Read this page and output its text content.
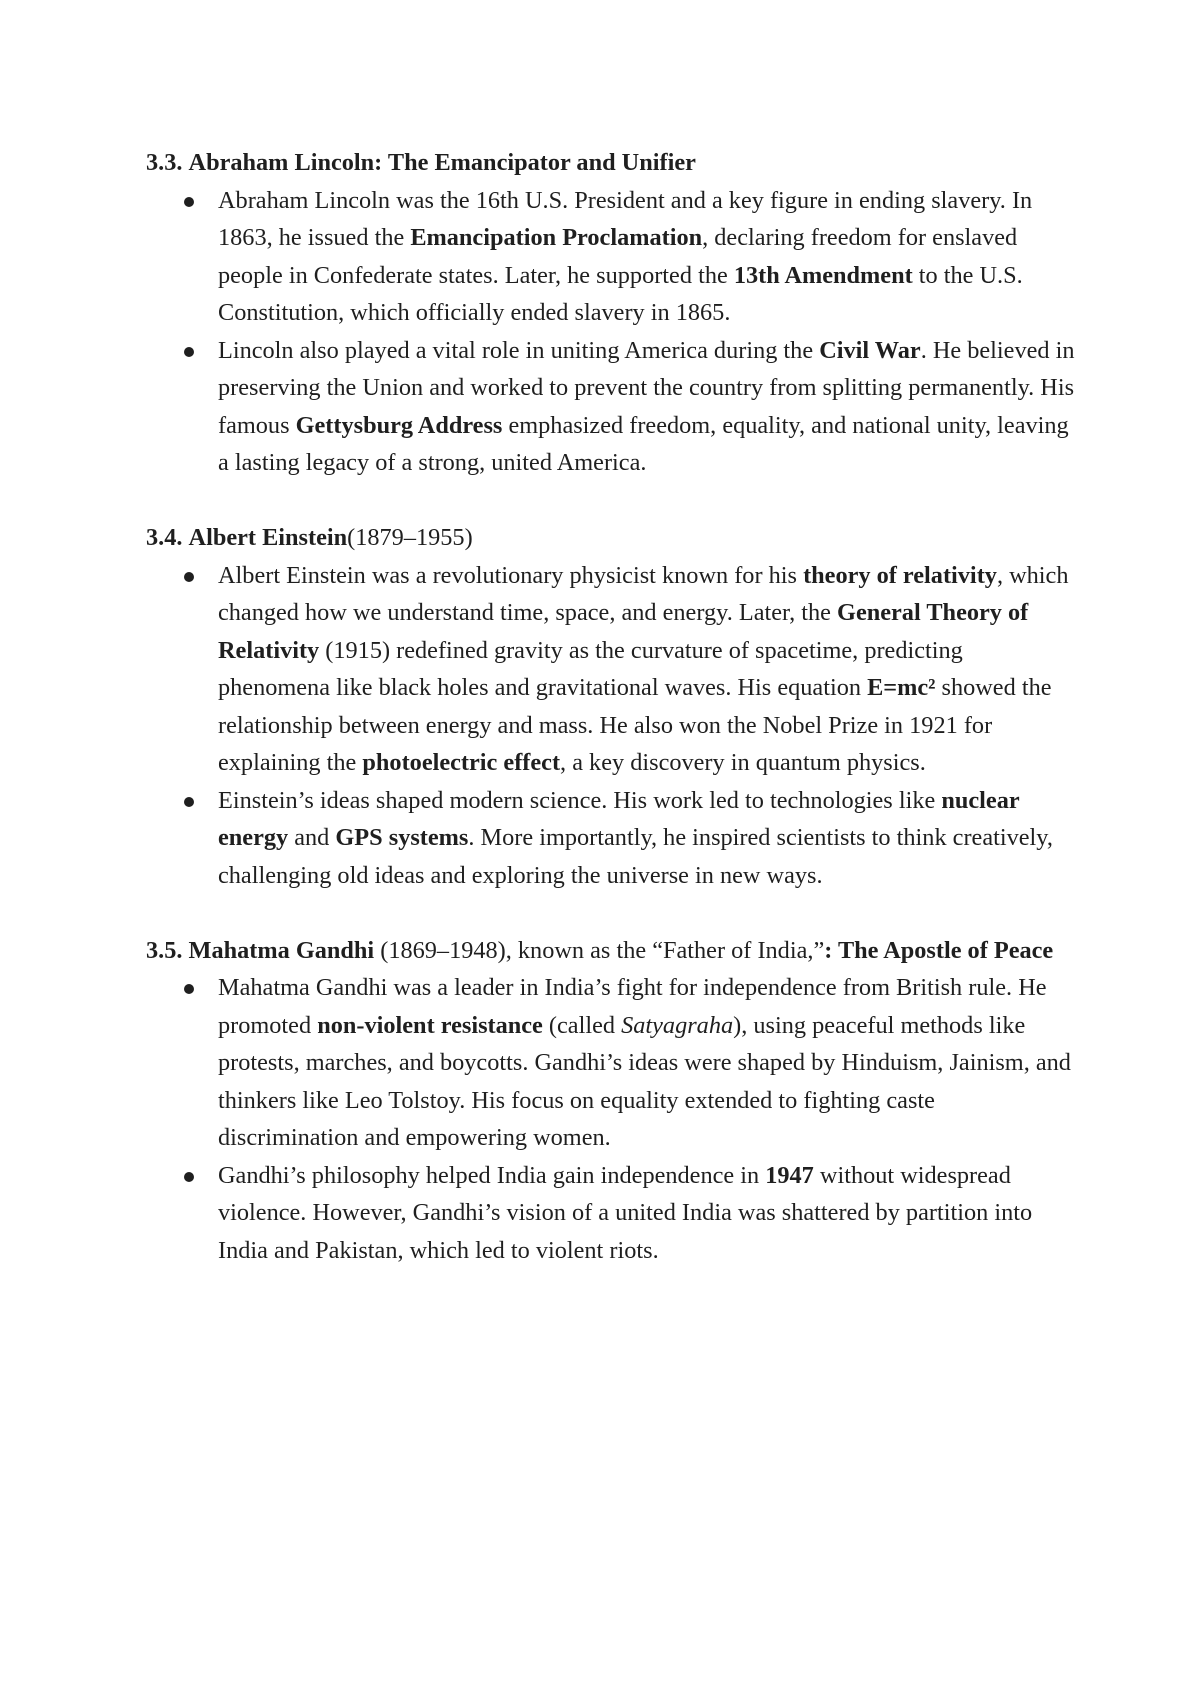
3.3. Abraham Lincoln: The Emancipator and Unifier

Abraham Lincoln was the 16th U.S. President and a key figure in ending slavery. In 1863, he issued the Emancipation Proclamation, declaring freedom for enslaved people in Confederate states. Later, he supported the 13th Amendment to the U.S. Constitution, which officially ended slavery in 1865.
Lincoln also played a vital role in uniting America during the Civil War. He believed in preserving the Union and worked to prevent the country from splitting permanently. His famous Gettysburg Address emphasized freedom, equality, and national unity, leaving a lasting legacy of a strong, united America.

3.4. Albert Einstein(1879–1955)

Albert Einstein was a revolutionary physicist known for his theory of relativity, which changed how we understand time, space, and energy. Later, the General Theory of Relativity (1915) redefined gravity as the curvature of spacetime, predicting phenomena like black holes and gravitational waves. His equation E=mc² showed the relationship between energy and mass. He also won the Nobel Prize in 1921 for explaining the photoelectric effect, a key discovery in quantum physics.
Einstein’s ideas shaped modern science. His work led to technologies like nuclear energy and GPS systems. More importantly, he inspired scientists to think creatively, challenging old ideas and exploring the universe in new ways.

3.5. Mahatma Gandhi (1869–1948), known as the “Father of India,”: The Apostle of Peace

Mahatma Gandhi was a leader in India’s fight for independence from British rule. He promoted non-violent resistance (called Satyagraha), using peaceful methods like protests, marches, and boycotts. Gandhi’s ideas were shaped by Hinduism, Jainism, and thinkers like Leo Tolstoy. His focus on equality extended to fighting caste discrimination and empowering women.
Gandhi’s philosophy helped India gain independence in 1947 without widespread violence. However, Gandhi’s vision of a united India was shattered by partition into India and Pakistan, which led to violent riots.
